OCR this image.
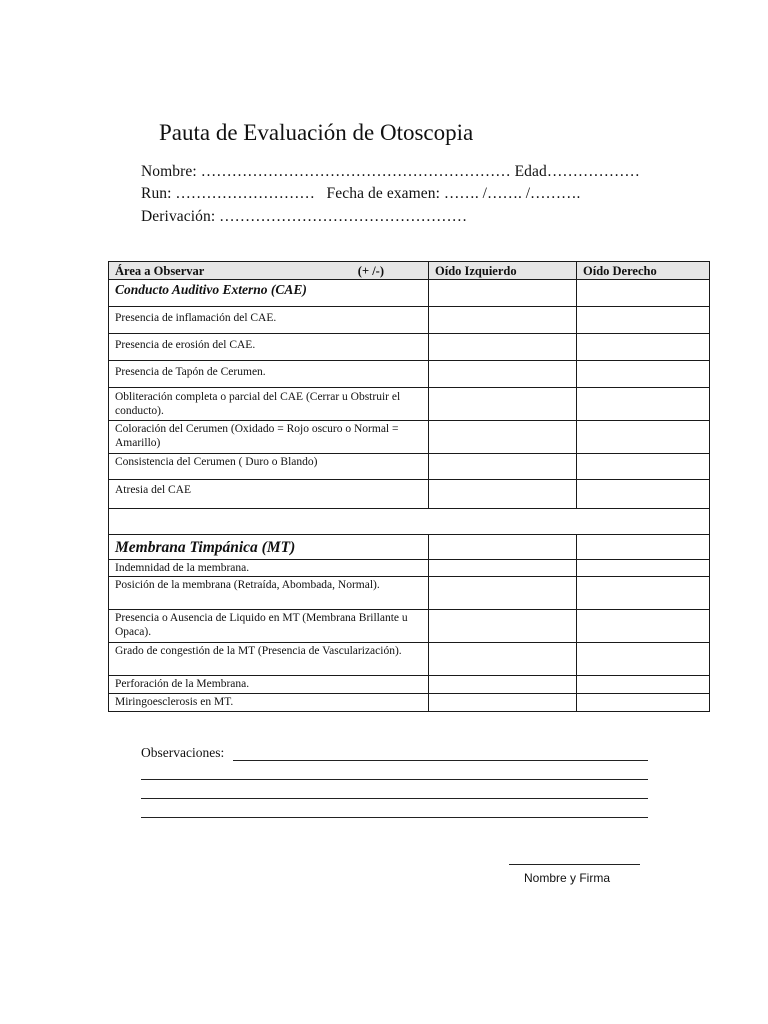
Pauta de Evaluación de Otoscopia
Nombre: …………………………………………………… Edad………………
Run: ……………………… Fecha de examen: ……. /……. /……….
Derivación: …………………………………………
Área a Observar (+ /-)	Oído Izquierdo	Oído Derecho
Conducto Auditivo Externo (CAE)		
Presencia de inflamación del CAE.		
Presencia de erosión del CAE.		
Presencia de Tapón de Cerumen.		
Obliteración completa o parcial del CAE (Cerrar u Obstruir el conducto).		
Coloración del Cerumen (Oxidado = Rojo oscuro o Normal = Amarillo)		
Consistencia del Cerumen ( Duro o Blando)		
Atresia del CAE		

Membrana Timpánica (MT)		
Indemnidad de la membrana.		
Posición de la membrana (Retraída, Abombada, Normal).		
Presencia o Ausencia de Liquido en MT (Membrana Brillante u Opaca).		
Grado de congestión de la MT (Presencia de Vascularización).		
Perforación de la Membrana.		
Miringoesclerosis en MT.		
Observaciones:
Nombre y Firma
